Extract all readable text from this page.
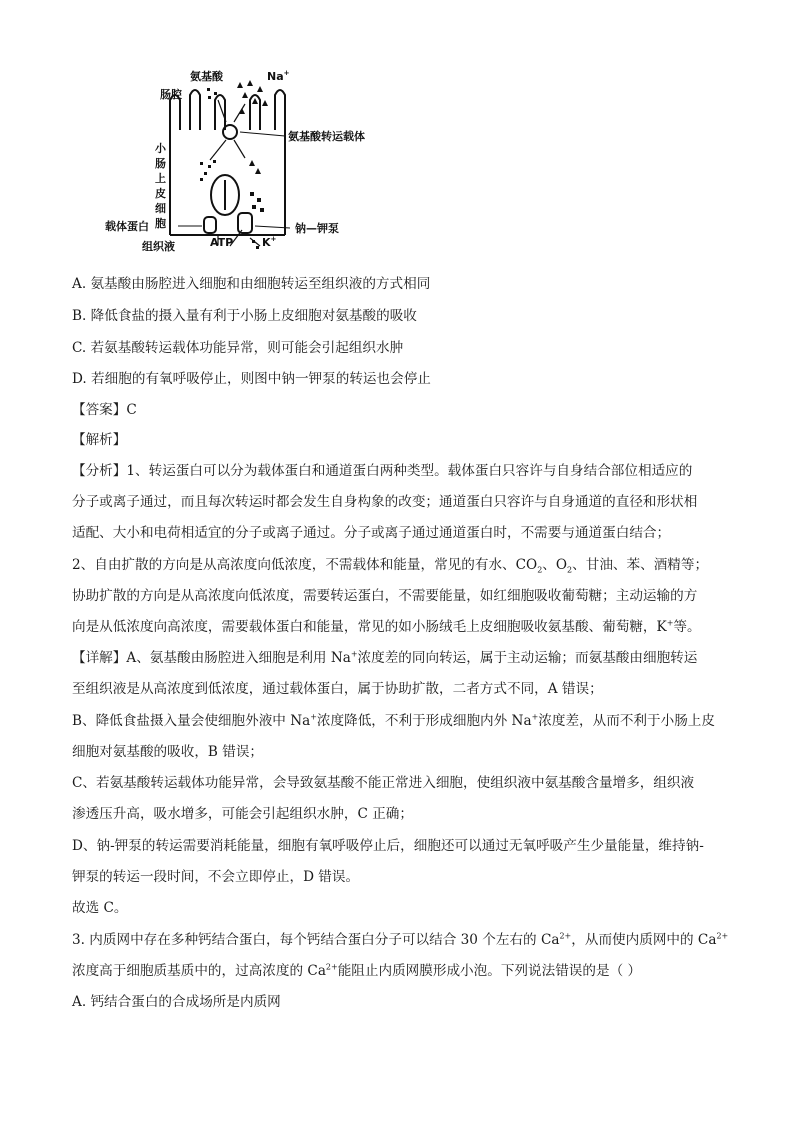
氨基酸	Na+
肠腔
氨基酸转运载体
小
肠
上
皮
细
胞
载体蛋白	钠—钾泵
组织液	ATP	K+
A. 氨基酸由肠腔进入细胞和由细胞转运至组织液的方式相同
B. 降低食盐的摄入量有利于小肠上皮细胞对氨基酸的吸收
C. 若氨基酸转运载体功能异常，则可能会引起组织水肿
D. 若细胞的有氧呼吸停止，则图中钠一钾泵的转运也会停止
【答案】C
【解析】
【分析】1、转运蛋白可以分为载体蛋白和通道蛋白两种类型。载体蛋白只容许与自身结合部位相适应的
分子或离子通过，而且每次转运时都会发生自身构象的改变；通道蛋白只容许与自身通道的直径和形状相
适配、大小和电荷相适宜的分子或离子通过。分子或离子通过通道蛋白时，不需要与通道蛋白结合；
2、自由扩散的方向是从高浓度向低浓度，不需载体和能量，常见的有水、$CO_2$、$O_2$、甘油、苯、酒精等；
协助扩散的方向是从高浓度向低浓度，需要转运蛋白，不需要能量，如红细胞吸收葡萄糖；主动运输的方
向是从低浓度向高浓度，需要载体蛋白和能量，常见的如小肠绒毛上皮细胞吸收氨基酸、葡萄糖，K+等。
【详解】A、氨基酸由肠腔进入细胞是利用 Na+浓度差的同向转运，属于主动运输；而氨基酸由细胞转运
至组织液是从高浓度到低浓度，通过载体蛋白，属于协助扩散，二者方式不同，A 错误；
B、降低食盐摄入量会使细胞外液中 Na+浓度降低，不利于形成细胞内外 Na+浓度差，从而不利于小肠上皮
细胞对氨基酸的吸收，B 错误；
C、若氨基酸转运载体功能异常，会导致氨基酸不能正常进入细胞，使组织液中氨基酸含量增多，组织液
渗透压升高，吸水增多，可能会引起组织水肿，C 正确；
D、钠-钾泵的转运需要消耗能量，细胞有氧呼吸停止后，细胞还可以通过无氧呼吸产生少量能量，维持钠-
钾泵的转运一段时间，不会立即停止，D 错误。
故选 C。
3. 内质网中存在多种钙结合蛋白，每个钙结合蛋白分子可以结合 30 个左右的 $Ca^{2+}$，从而使内质网中的 $Ca^{2+}$
浓度高于细胞质基质中的，过高浓度的 $Ca^{2+}$能阻止内质网膜形成小泡。下列说法错误的是（ ）
A. 钙结合蛋白的合成场所是内质网
